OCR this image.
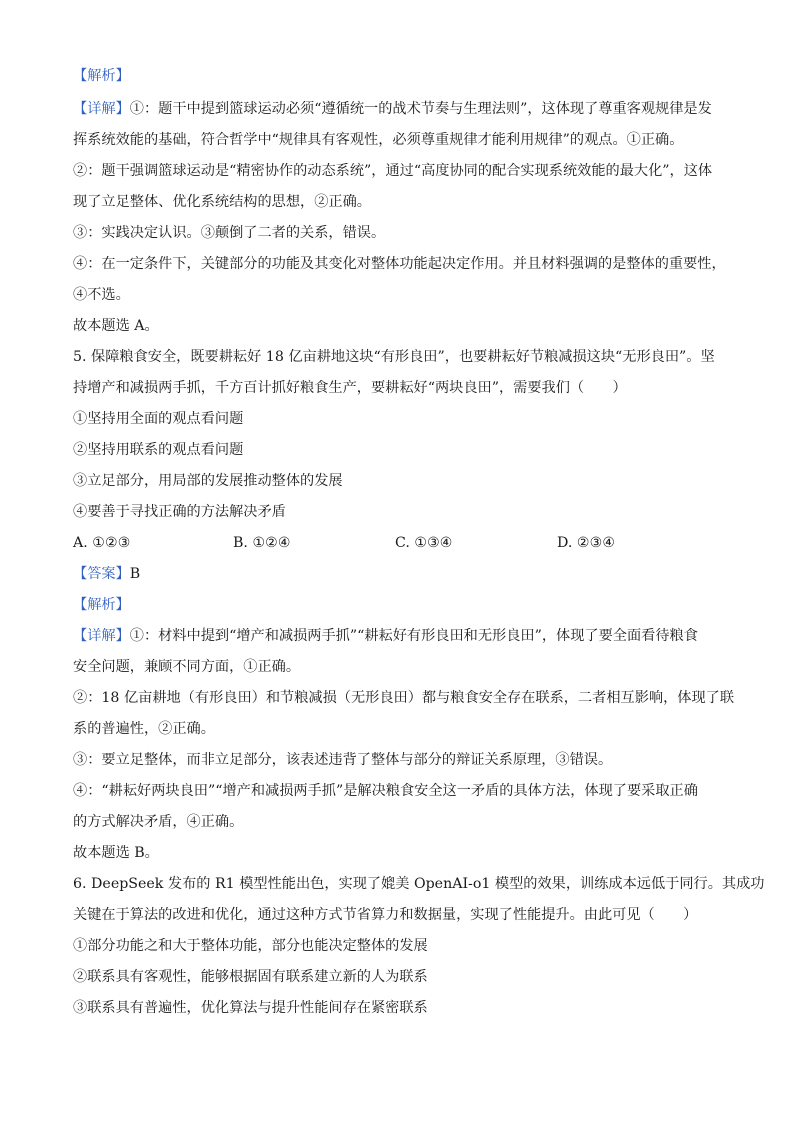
【解析】
【详解】①：题干中提到篮球运动必须“遵循统一的战术节奏与生理法则”，这体现了尊重客观规律是发
挥系统效能的基础，符合哲学中“规律具有客观性，必须尊重规律才能利用规律”的观点。①正确。
②：题干强调篮球运动是“精密协作的动态系统”，通过“高度协同的配合实现系统效能的最大化”，这体
现了立足整体、优化系统结构的思想，②正确。
③：实践决定认识。③颠倒了二者的关系，错误。
④：在一定条件下，关键部分的功能及其变化对整体功能起决定作用。并且材料强调的是整体的重要性，
④不选。
故本题选 A。
5. 保障粮食安全，既要耕耘好 18 亿亩耕地这块“有形良田”，也要耕耘好节粮减损这块“无形良田”。坚
持增产和减损两手抓，千方百计抓好粮食生产，要耕耘好“两块良田”，需要我们（　　）
①坚持用全面的观点看问题
②坚持用联系的观点看问题
③立足部分，用局部的发展推动整体的发展
④要善于寻找正确的方法解决矛盾
A. ①②③	B. ①②④	C. ①③④	D. ②③④
【答案】B
【解析】
【详解】①：材料中提到“增产和减损两手抓”“耕耘好有形良田和无形良田”，体现了要全面看待粮食
安全问题，兼顾不同方面，①正确。
②：18 亿亩耕地（有形良田）和节粮减损（无形良田）都与粮食安全存在联系，二者相互影响，体现了联
系的普遍性，②正确。
③：要立足整体，而非立足部分，该表述违背了整体与部分的辩证关系原理，③错误。
④：“耕耘好两块良田”“增产和减损两手抓”是解决粮食安全这一矛盾的具体方法，体现了要采取正确
的方式解决矛盾，④正确。
故本题选 B。
6. DeepSeek 发布的 R1 模型性能出色，实现了媲美 OpenAI-o1 模型的效果，训练成本远低于同行。其成功
关键在于算法的改进和优化，通过这种方式节省算力和数据量，实现了性能提升。由此可见（　　）
①部分功能之和大于整体功能，部分也能决定整体的发展
②联系具有客观性，能够根据固有联系建立新的人为联系
③联系具有普遍性，优化算法与提升性能间存在紧密联系
